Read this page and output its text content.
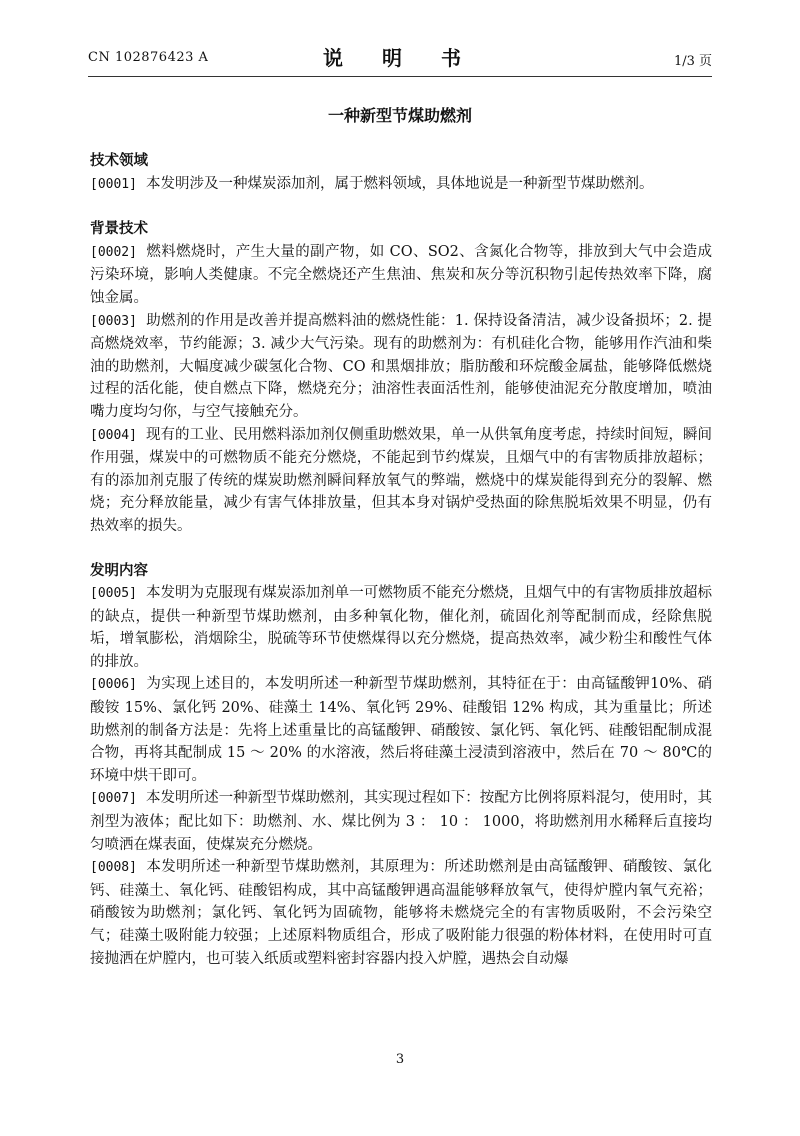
CN 102876423 A	说 明 书	1/3 页
一种新型节煤助燃剂

技术领域

[0001] 本发明涉及一种煤炭添加剂，属于燃料领域，具体地说是一种新型节煤助燃剂。

背景技术

[0002] 燃料燃烧时，产生大量的副产物，如 CO、SO2、含氮化合物等，排放到大气中会造成污染环境，影响人类健康。不完全燃烧还产生焦油、焦炭和灰分等沉积物引起传热效率下降，腐蚀金属。

[0003] 助燃剂的作用是改善并提高燃料油的燃烧性能：1. 保持设备清洁，减少设备损坏；2. 提高燃烧效率，节约能源；3. 减少大气污染。现有的助燃剂为：有机硅化合物，能够用作汽油和柴油的助燃剂，大幅度减少碳氢化合物、CO 和黑烟排放；脂肪酸和环烷酸金属盐，能够降低燃烧过程的活化能，使自燃点下降，燃烧充分；油溶性表面活性剂，能够使油泥充分散度增加，喷油嘴力度均匀你，与空气接触充分。

[0004] 现有的工业、民用燃料添加剂仅侧重助燃效果，单一从供氧角度考虑，持续时间短，瞬间作用强，煤炭中的可燃物质不能充分燃烧，不能起到节约煤炭，且烟气中的有害物质排放超标；有的添加剂克服了传统的煤炭助燃剂瞬间释放氧气的弊端，燃烧中的煤炭能得到充分的裂解、燃烧；充分释放能量，减少有害气体排放量，但其本身对锅炉受热面的除焦脱垢效果不明显，仍有热效率的损失。

发明内容

[0005] 本发明为克服现有煤炭添加剂单一可燃物质不能充分燃烧，且烟气中的有害物质排放超标的缺点，提供一种新型节煤助燃剂，由多种氧化物，催化剂，硫固化剂等配制而成，经除焦脱垢，增氧膨松，消烟除尘，脱硫等环节使燃煤得以充分燃烧，提高热效率，减少粉尘和酸性气体的排放。

[0006] 为实现上述目的，本发明所述一种新型节煤助燃剂，其特征在于：由高锰酸钾10%、硝酸铵 15%、氯化钙 20%、硅藻土 14%、氧化钙 29%、硅酸铝 12% 构成，其为重量比；所述助燃剂的制备方法是：先将上述重量比的高锰酸钾、硝酸铵、氯化钙、氧化钙、硅酸铝配制成混合物，再将其配制成 15 ～ 20% 的水溶液，然后将硅藻土浸渍到溶液中，然后在 70 ～ 80℃的环境中烘干即可。

[0007] 本发明所述一种新型节煤助燃剂，其实现过程如下：按配方比例将原料混匀，使用时，其剂型为液体；配比如下：助燃剂、水、煤比例为 3 ： 10 ： 1000，将助燃剂用水稀释后直接均匀喷洒在煤表面，使煤炭充分燃烧。

[0008] 本发明所述一种新型节煤助燃剂，其原理为：所述助燃剂是由高锰酸钾、硝酸铵、氯化钙、硅藻土、氧化钙、硅酸铝构成，其中高锰酸钾遇高温能够释放氧气，使得炉膛内氧气充裕；硝酸铵为助燃剂；氯化钙、氧化钙为固硫物，能够将未燃烧完全的有害物质吸附，不会污染空气；硅藻土吸附能力较强；上述原料物质组合，形成了吸附能力很强的粉体材料，在使用时可直接抛洒在炉膛内，也可装入纸质或塑料密封容器内投入炉膛，遇热会自动爆

3
